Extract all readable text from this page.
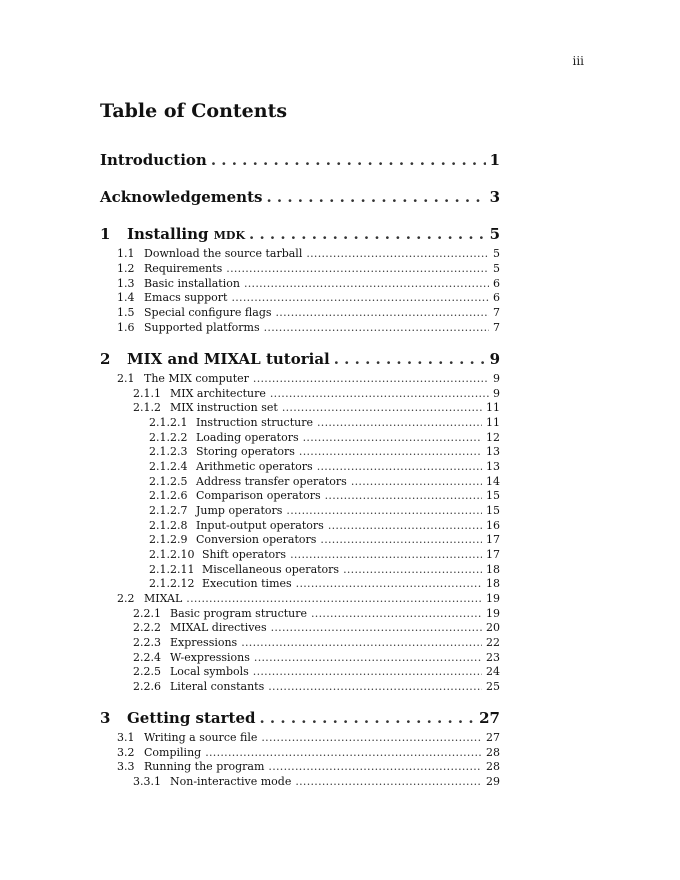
iii
Table of Contents
Introduction . . .	1
Acknowledgements . . .	3
1	Installing mdk . . .	5
1.1 Download the source tarball . . .	5
1.2 Requirements . . .	5
1.3 Basic installation . . .	6
1.4 Emacs support . . .	6
1.5 Special configure flags . . .	7
1.6 Supported platforms . . .	7
2	MIX and MIXAL tutorial . . .	9
2.1 The MIX computer . . .	9
2.1.1 MIX architecture . . .	9
2.1.2 MIX instruction set . . .	11
2.1.2.1 Instruction structure . . .	11
2.1.2.2 Loading operators . . .	12
2.1.2.3 Storing operators . . .	13
2.1.2.4 Arithmetic operators . . .	13
2.1.2.5 Address transfer operators . . .	14
2.1.2.6 Comparison operators . . .	15
2.1.2.7 Jump operators . . .	15
2.1.2.8 Input-output operators . . .	16
2.1.2.9 Conversion operators . . .	17
2.1.2.10 Shift operators . . .	17
2.1.2.11 Miscellaneous operators . . .	18
2.1.2.12 Execution times . . .	18
2.2 MIXAL . . .	19
2.2.1 Basic program structure . . .	19
2.2.2 MIXAL directives . . .	20
2.2.3 Expressions . . .	22
2.2.4 W-expressions . . .	23
2.2.5 Local symbols . . .	24
2.2.6 Literal constants . . .	25
3	Getting started . . .	27
3.1 Writing a source file . . .	27
3.2 Compiling . . .	28
3.3 Running the program . . .	28
3.3.1 Non-interactive mode . . .	29
